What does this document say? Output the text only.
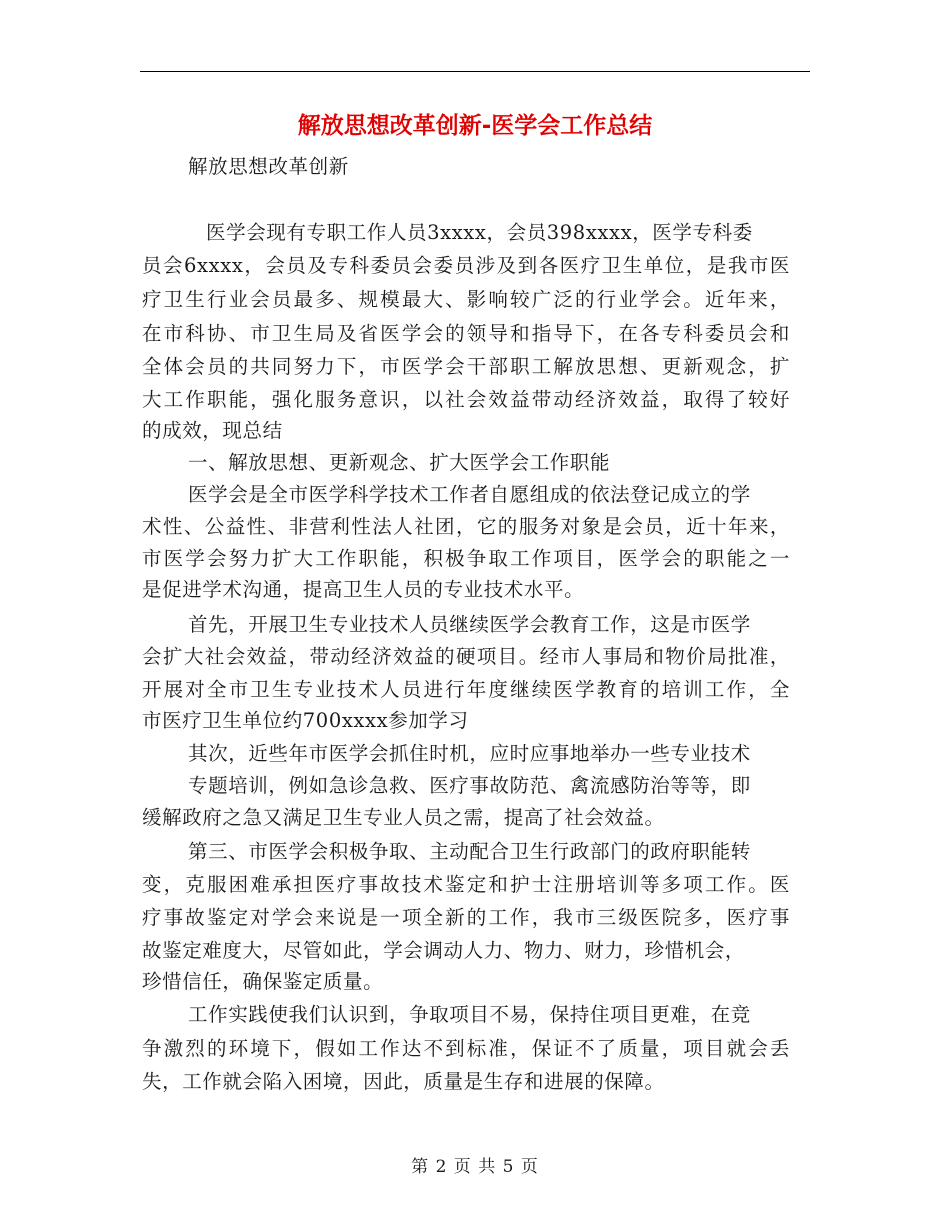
解放思想改革创新-医学会工作总结
解放思想改革创新
医学会现有专职工作人员3xxxx，会员398xxxx，医学专科委
员会6xxxx，会员及专科委员会委员涉及到各医疗卫生单位，是我市医
疗卫生行业会员最多、规模最大、影响较广泛的行业学会。近年来，
在市科协、市卫生局及省医学会的领导和指导下，在各专科委员会和
全体会员的共同努力下，市医学会干部职工解放思想、更新观念，扩
大工作职能，强化服务意识，以社会效益带动经济效益，取得了较好
的成效，现总结
一、解放思想、更新观念、扩大医学会工作职能
医学会是全市医学科学技术工作者自愿组成的依法登记成立的学
术性、公益性、非营利性法人社团，它的服务对象是会员，近十年来，
市医学会努力扩大工作职能，积极争取工作项目，医学会的职能之一
是促进学术沟通，提高卫生人员的专业技术水平。
首先，开展卫生专业技术人员继续医学会教育工作，这是市医学
会扩大社会效益，带动经济效益的硬项目。经市人事局和物价局批准，
开展对全市卫生专业技术人员进行年度继续医学教育的培训工作，全
市医疗卫生单位约700xxxx参加学习
其次，近些年市医学会抓住时机，应时应事地举办一些专业技术
专题培训，例如急诊急救、医疗事故防范、禽流感防治等等，即
缓解政府之急又满足卫生专业人员之需，提高了社会效益。
第三、市医学会积极争取、主动配合卫生行政部门的政府职能转
变，克服困难承担医疗事故技术鉴定和护士注册培训等多项工作。医
疗事故鉴定对学会来说是一项全新的工作，我市三级医院多，医疗事
故鉴定难度大，尽管如此，学会调动人力、物力、财力，珍惜机会，
珍惜信任，确保鉴定质量。
工作实践使我们认识到，争取项目不易，保持住项目更难，在竞
争激烈的环境下，假如工作达不到标准，保证不了质量，项目就会丢
失，工作就会陷入困境，因此，质量是生存和进展的保障。
第 2 页 共 5 页
